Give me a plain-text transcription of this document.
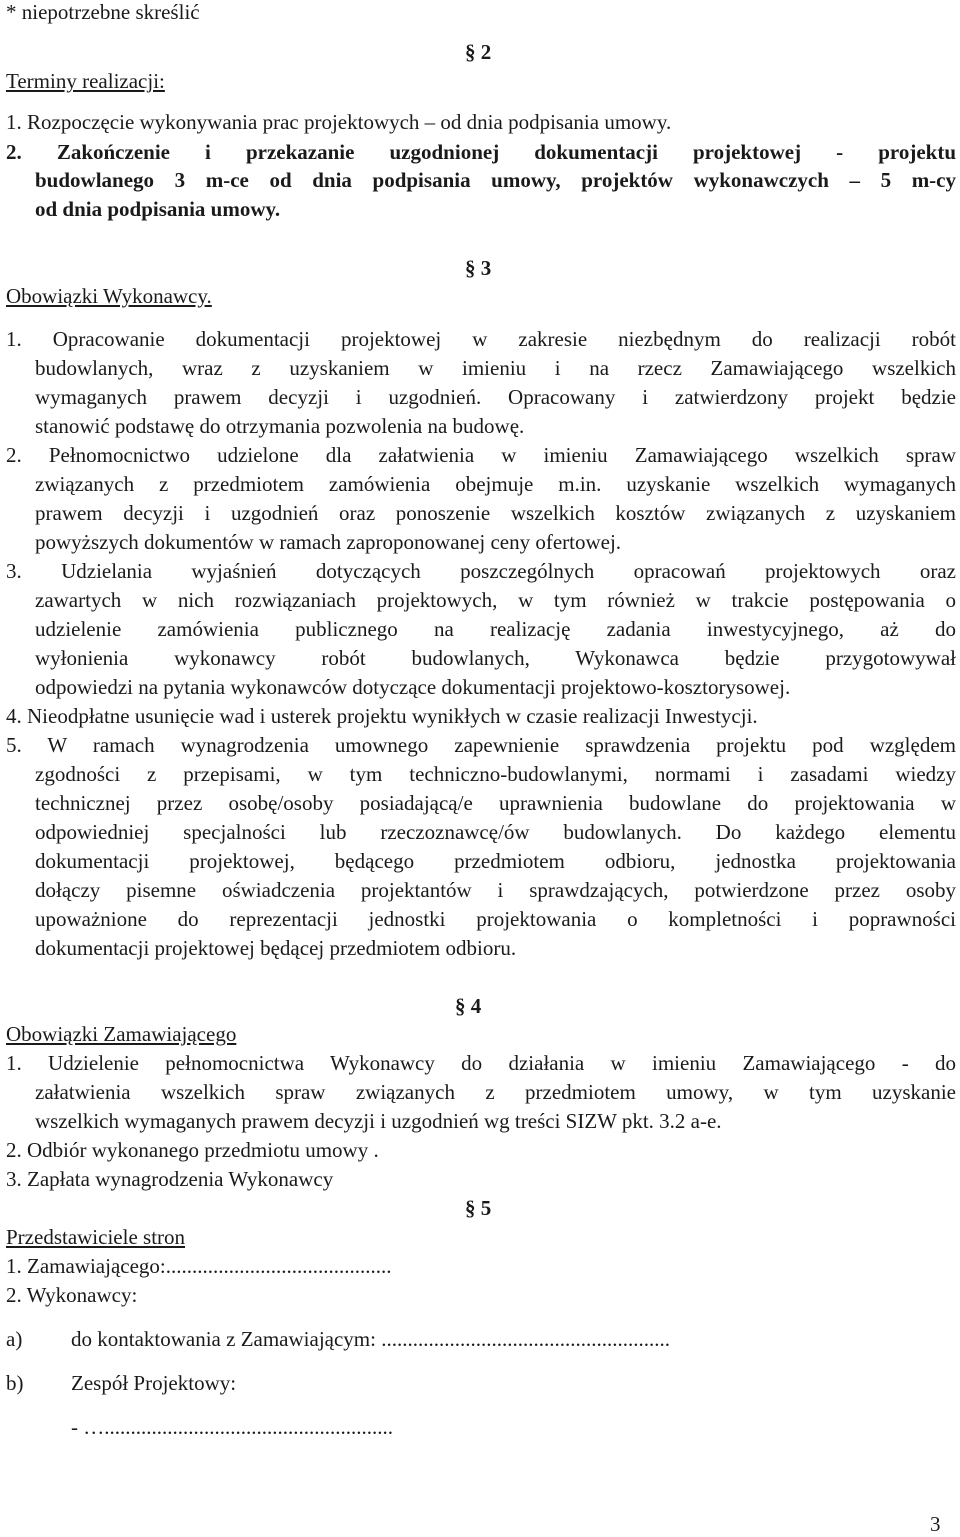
* niepotrzebne skreślić
§ 2
Terminy realizacji:
1. Rozpoczęcie wykonywania prac projektowych – od dnia podpisania umowy.
2. Zakończenie i przekazanie uzgodnionej dokumentacji projektowej - projektu
budowlanego 3 m-ce od dnia podpisania umowy, projektów wykonawczych – 5 m-cy
od dnia podpisania umowy.
§ 3
Obowiązki Wykonawcy.
1. Opracowanie dokumentacji projektowej w zakresie niezbędnym do realizacji robót
budowlanych, wraz z uzyskaniem w imieniu i na rzecz Zamawiającego wszelkich
wymaganych prawem decyzji i uzgodnień. Opracowany i zatwierdzony projekt będzie
stanowić podstawę do otrzymania pozwolenia na budowę.
2. Pełnomocnictwo udzielone dla załatwienia w imieniu Zamawiającego wszelkich spraw
związanych z przedmiotem zamówienia obejmuje m.in. uzyskanie wszelkich wymaganych
prawem decyzji i uzgodnień oraz ponoszenie wszelkich kosztów związanych z uzyskaniem
powyższych dokumentów w ramach zaproponowanej ceny ofertowej.
3. Udzielania wyjaśnień dotyczących poszczególnych opracowań projektowych oraz
zawartych w nich rozwiązaniach projektowych, w tym również w trakcie postępowania o
udzielenie zamówienia publicznego na realizację zadania inwestycyjnego, aż do
wyłonienia wykonawcy robót budowlanych, Wykonawca będzie przygotowywał
odpowiedzi na pytania wykonawców dotyczące dokumentacji projektowo-kosztorysowej.
4. Nieodpłatne usunięcie wad i usterek projektu wynikłych w czasie realizacji Inwestycji.
5. W ramach wynagrodzenia umownego zapewnienie sprawdzenia projektu pod względem
zgodności z przepisami, w tym techniczno-budowlanymi, normami i zasadami wiedzy
technicznej przez osobę/osoby posiadającą/e uprawnienia budowlane do projektowania w
odpowiedniej specjalności lub rzeczoznawcę/ów budowlanych. Do każdego elementu
dokumentacji projektowej, będącego przedmiotem odbioru, jednostka projektowania
dołączy pisemne oświadczenia projektantów i sprawdzających, potwierdzone przez osoby
upoważnione do reprezentacji jednostki projektowania o kompletności i poprawności
dokumentacji projektowej będącej przedmiotem odbioru.
§ 4
Obowiązki Zamawiającego
1. Udzielenie pełnomocnictwa Wykonawcy do działania w imieniu Zamawiającego - do
załatwienia wszelkich spraw związanych z przedmiotem umowy, w tym uzyskanie
wszelkich wymaganych prawem decyzji i uzgodnień wg treści SIZW pkt. 3.2 a-e.
2. Odbiór wykonanego przedmiotu umowy .
3. Zapłata wynagrodzenia Wykonawcy
§ 5
Przedstawiciele stron
1. Zamawiającego:...........................................
2. Wykonawcy:
a) do kontaktowania z Zamawiającym: .......................................................
b) Zespół Projektowy:
- ….......................................................
3
